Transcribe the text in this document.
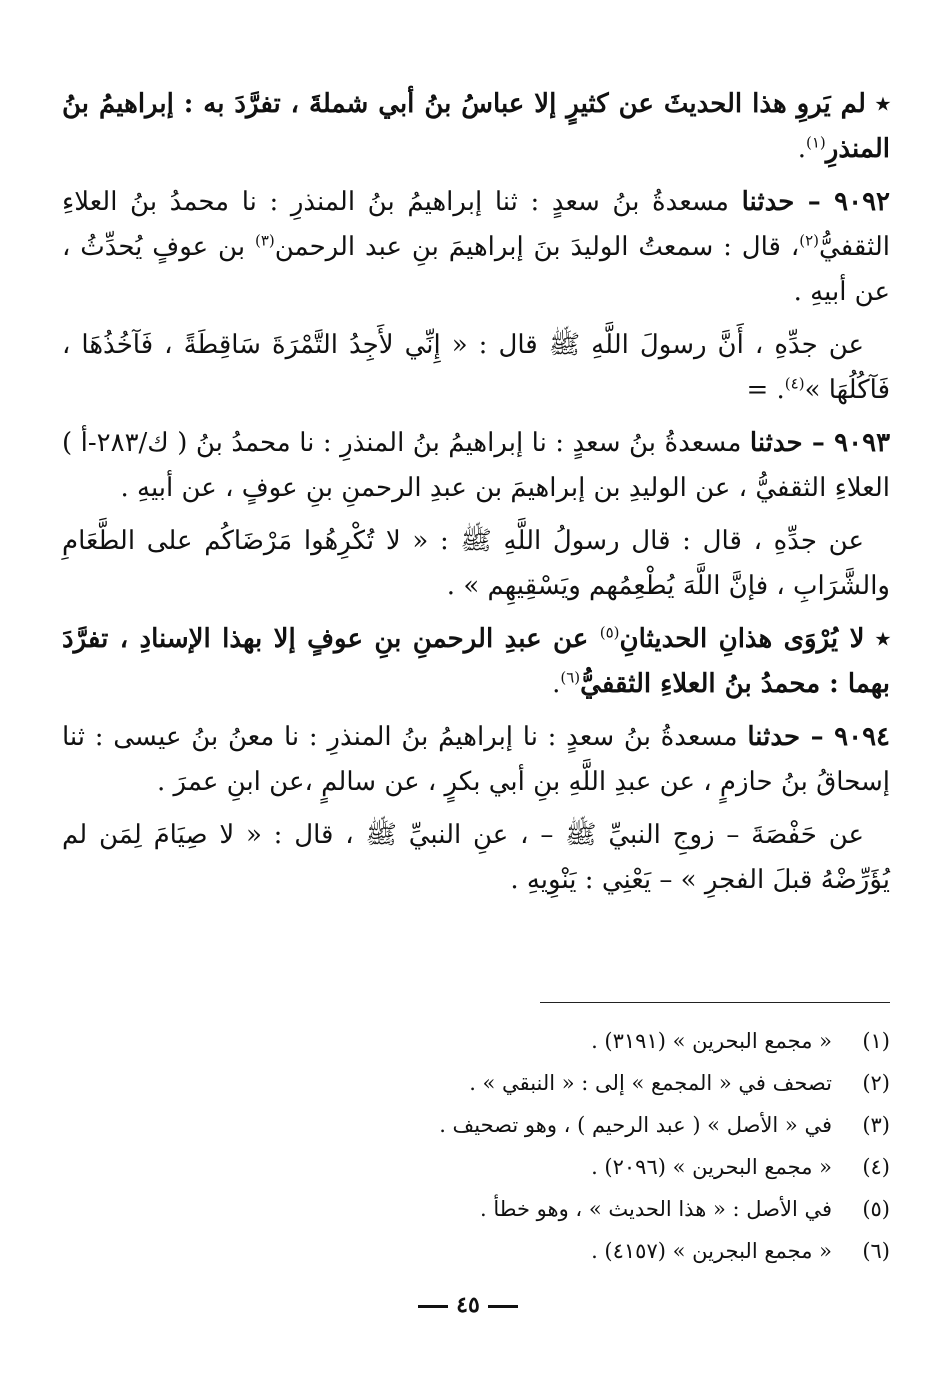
٭ لم يَروِ هذا الحديثَ عن كثيرٍ إلا عباسُ بنُ أبي شملةَ ، تفرَّدَ به : إبراهيمُ بنُ المنذرِ$^{(١)}$.

٩٠٩٢ – حدثنا مسعدةُ بنُ سعدٍ : ثنا إبراهيمُ بنُ المنذرِ : نا محمدُ بنُ العلاءِ الثقفيُّ$^{(٢)}$، قال : سمعتُ الوليدَ بنَ إبراهيمَ بنِ عبد الرحمن$^{(٣)}$ بن عوفٍ يُحدِّثُ ، عن أبيهِ .

عن جدِّهِ ، أَنَّ رسولَ اللَّهِ ﷺ قال : « إِنِّي لأَجِدُ التَّمْرَةَ سَاقِطَةً ، فَآخُذُهَا ، فَآكُلُهَا »$^{(٤)}$. =

٩٠٩٣ – حدثنا مسعدةُ بنُ سعدٍ : نا إبراهيمُ بنُ المنذرِ : نا محمدُ بنُ ( ك/٢٨٣-أ ) العلاءِ الثقفيُّ ، عن الوليدِ بن إبراهيمَ بن عبدِ الرحمنِ بنِ عوفٍ ، عن أبيهِ .

عن جدِّهِ ، قال : قال رسولُ اللَّهِ ﷺ : « لا تُكْرِهُوا مَرْضَاكُم على الطَّعَامِ والشَّرَابِ ، فإنَّ اللَّهَ يُطْعِمُهم ويَسْقِيهِم » .

٭ لا يُرْوَى هذانِ الحديثانِ$^{(٥)}$ عن عبدِ الرحمنِ بنِ عوفٍ إلا بهذا الإسنادِ ، تفرَّدَ بهما : محمدُ بنُ العلاءِ الثقفيُّ$^{(٦)}$.

٩٠٩٤ – حدثنا مسعدةُ بنُ سعدٍ : نا إبراهيمُ بنُ المنذرِ : نا معنُ بنُ عيسى : ثنا إسحاقُ بنُ حازمٍ ، عن عبدِ اللَّهِ بنِ أبي بكرٍ ، عن سالمٍ ،عن ابنِ عمرَ .

عن حَفْصَةَ – زوجِ النبيِّ ﷺ – ، عنِ النبيِّ ﷺ ، قال : « لا صِيَامَ لِمَن لم يُؤَرِّضْهُ قبلَ الفجرِ » – يَعْنِي : يَنْوِيهِ .

(١)
« مجمع البحرين » (٣١٩١) .
(٢)
تصحف في « المجمع » إلى : « النبقي » .
(٣)
في « الأصل » ( عبد الرحيم ) ، وهو تصحيف .
(٤)
« مجمع البحرين » (٢٠٩٦) .
(٥)
في الأصل : « هذا الحديث » ، وهو خطأ .
(٦)
« مجمع البجرين » (٤١٥٧) .
٤٥
